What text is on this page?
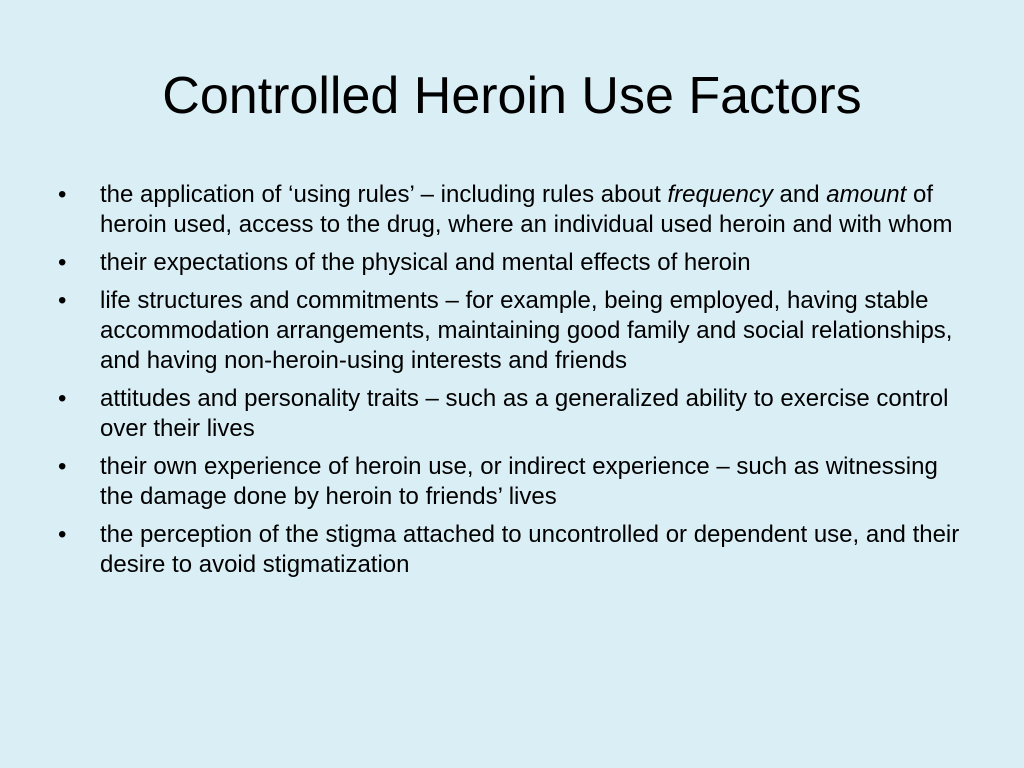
Controlled Heroin Use Factors
•	the application of ‘using rules’ – including rules about frequency and amount of heroin used, access to the drug, where an individual used heroin and with whom
•	their expectations of the physical and mental effects of heroin
•	life structures and commitments – for example, being employed, having stable accommodation arrangements, maintaining good family and social relationships, and having non-heroin-using interests and friends
•	attitudes and personality traits – such as a generalized ability to exercise control over their lives
•	their own experience of heroin use, or indirect experience – such as witnessing the damage done by heroin to friends’ lives
•	the perception of the stigma attached to uncontrolled or dependent use, and their desire to avoid stigmatization
